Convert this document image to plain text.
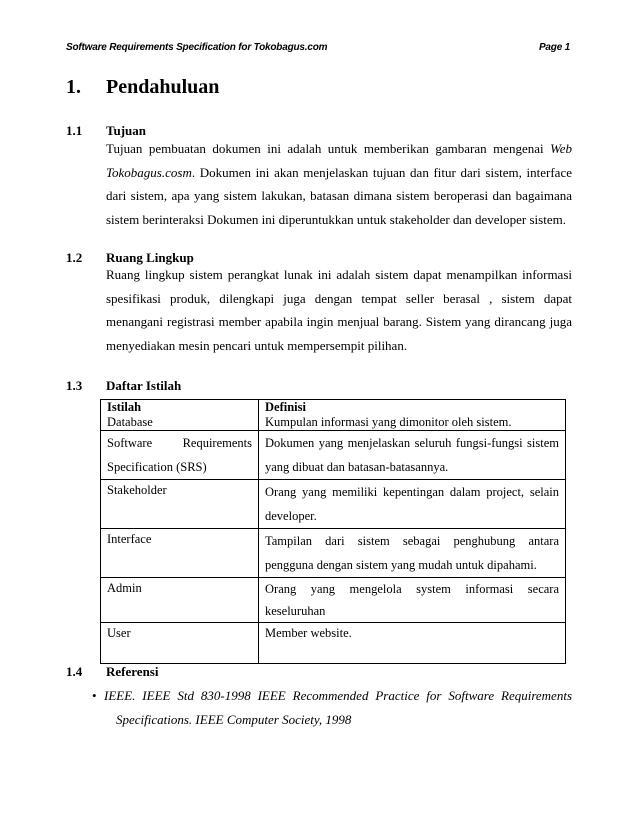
Software Requirements Specification for Tokobagus.com	Page 1
1. Pendahuluan
1.1 Tujuan
Tujuan pembuatan dokumen ini adalah untuk memberikan gambaran mengenai Web Tokobagus.cosm. Dokumen ini akan menjelaskan tujuan dan fitur dari sistem, interface dari sistem, apa yang sistem lakukan, batasan dimana sistem beroperasi dan bagaimana sistem berinteraksi Dokumen ini diperuntukkan untuk stakeholder dan developer sistem.
1.2 Ruang Lingkup
Ruang lingkup sistem perangkat lunak ini adalah sistem dapat menampilkan informasi spesifikasi produk, dilengkapi juga dengan tempat seller berasal , sistem dapat menangani registrasi member apabila ingin menjual barang. Sistem yang dirancang juga menyediakan mesin pencari untuk mempersempit pilihan.
1.3 Daftar Istilah
Istilah	Definisi
Database	Kumpulan informasi yang dimonitor oleh sistem.

Software Requirements
Specification (SRS)	Dokumen yang menjelaskan seluruh fungsi-fungsi sistem yang dibuat dan batasan-batasannya.
Stakeholder	Orang yang memiliki kepentingan dalam project, selain developer.
Interface	Tampilan dari sistem sebagai penghubung antara pengguna dengan sistem yang mudah untuk dipahami.
Admin	Orang yang mengelola system informasi secara keseluruhan
User	Member website.
1.4 Referensi
• IEEE. IEEE Std 830-1998 IEEE Recommended Practice for Software Requirements
Specifications. IEEE Computer Society, 1998
